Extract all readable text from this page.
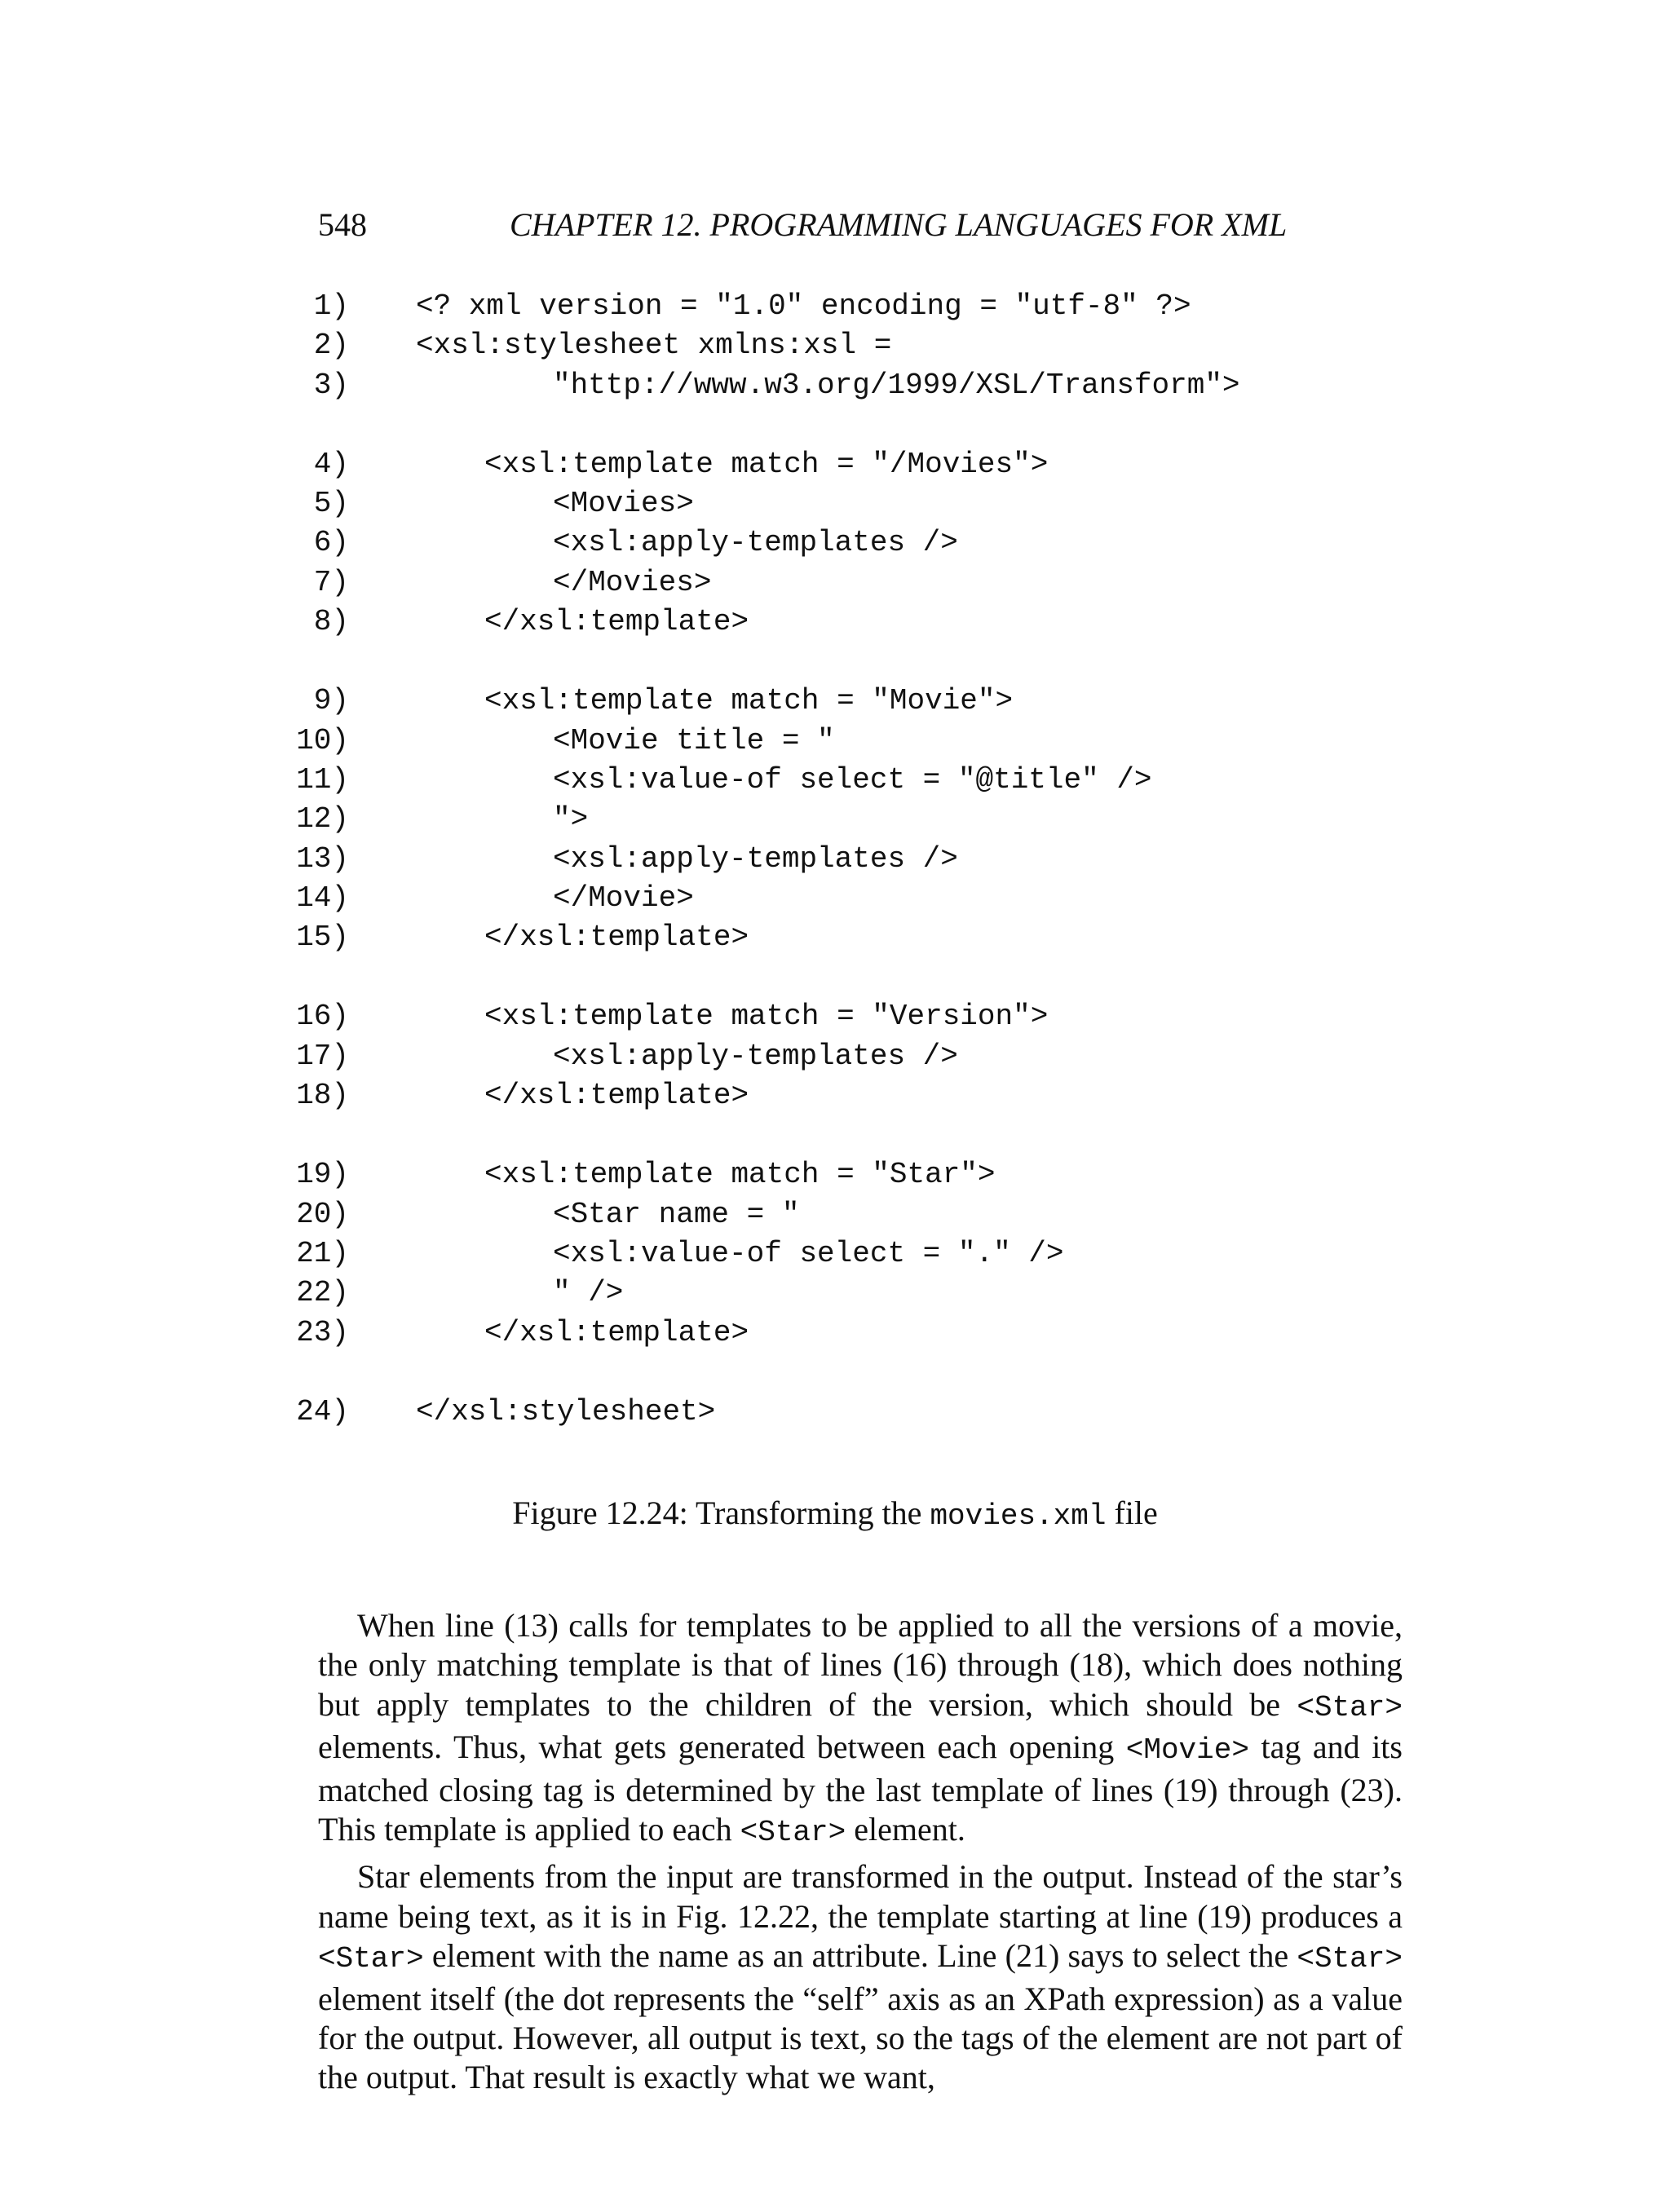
548	CHAPTER 12. PROGRAMMING LANGUAGES FOR XML
1) <? xml version = "1.0" encoding = "utf-8" ?>
2) <xsl:stylesheet xmlns:xsl =
3)	"http://www.w3.org/1999/XSL/Transform">
4)	<xsl:template match = "/Movies">
5)	<Movies>
6)	<xsl:apply-templates />
7)	</Movies>
8)	</xsl:template>
9)	<xsl:template match = "Movie">
10)	<Movie title = "
11)	<xsl:value-of select = "@title" />
12)	">
13)	<xsl:apply-templates />
14)	</Movie>
15)	</xsl:template>
16)	<xsl:template match = "Version">
17)	<xsl:apply-templates />
18)	</xsl:template>
19)	<xsl:template match = "Star">
20)	<Star name = "
21)	<xsl:value-of select = "." />
22)	" />
23)	</xsl:template>
24) </xsl:stylesheet>
Figure 12.24: Transforming the movies.xml file

When line (13) calls for templates to be applied to all the versions of a movie, the only matching template is that of lines (16) through (18), which does nothing but apply templates to the children of the version, which should be <Star> elements. Thus, what gets generated between each opening <Movie> tag and its matched closing tag is determined by the last template of lines (19) through (23). This template is applied to each <Star> element.

Star elements from the input are transformed in the output. Instead of the star’s name being text, as it is in Fig. 12.22, the template starting at line (19) produces a <Star> element with the name as an attribute. Line (21) says to select the <Star> element itself (the dot represents the “self” axis as an XPath expression) as a value for the output. However, all output is text, so the tags of the element are not part of the output. That result is exactly what we want,
